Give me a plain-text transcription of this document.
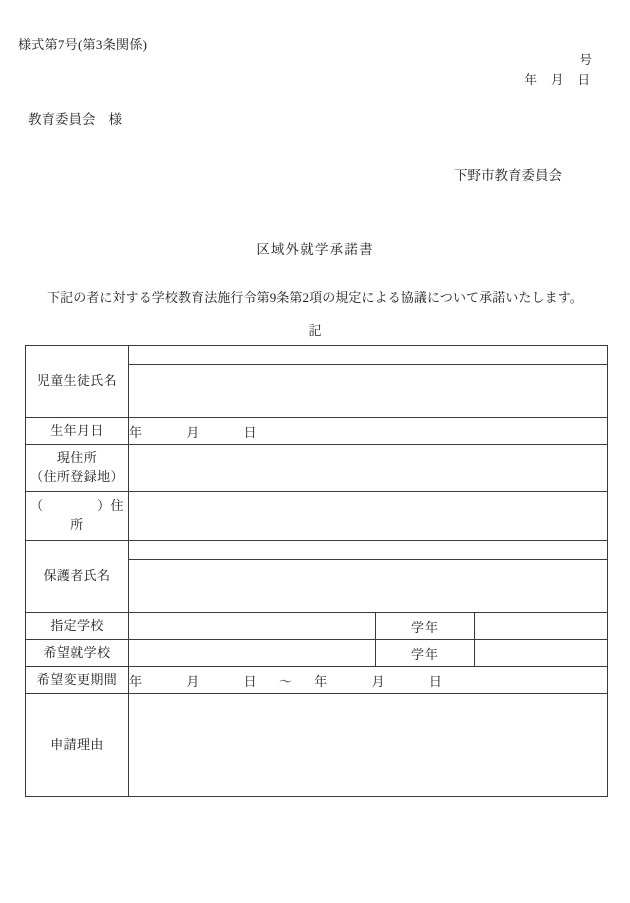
様式第7号(第3条関係)
号
年 月 日
教育委員会 様
下野市教育委員会
区域外就学承諾書
下記の者に対する学校教育法施行令第9条第2項の規定による協議について承諾いたします。
記
児童生徒氏名			

生年月日	年 月 日		

現住所
（住所登録地）			

（　　　　）住所			
保護者氏名			

指定学校		学年	
希望就学校		学年	
希望変更期間	年 月 日 ～ 年 月 日		
申請理由			
